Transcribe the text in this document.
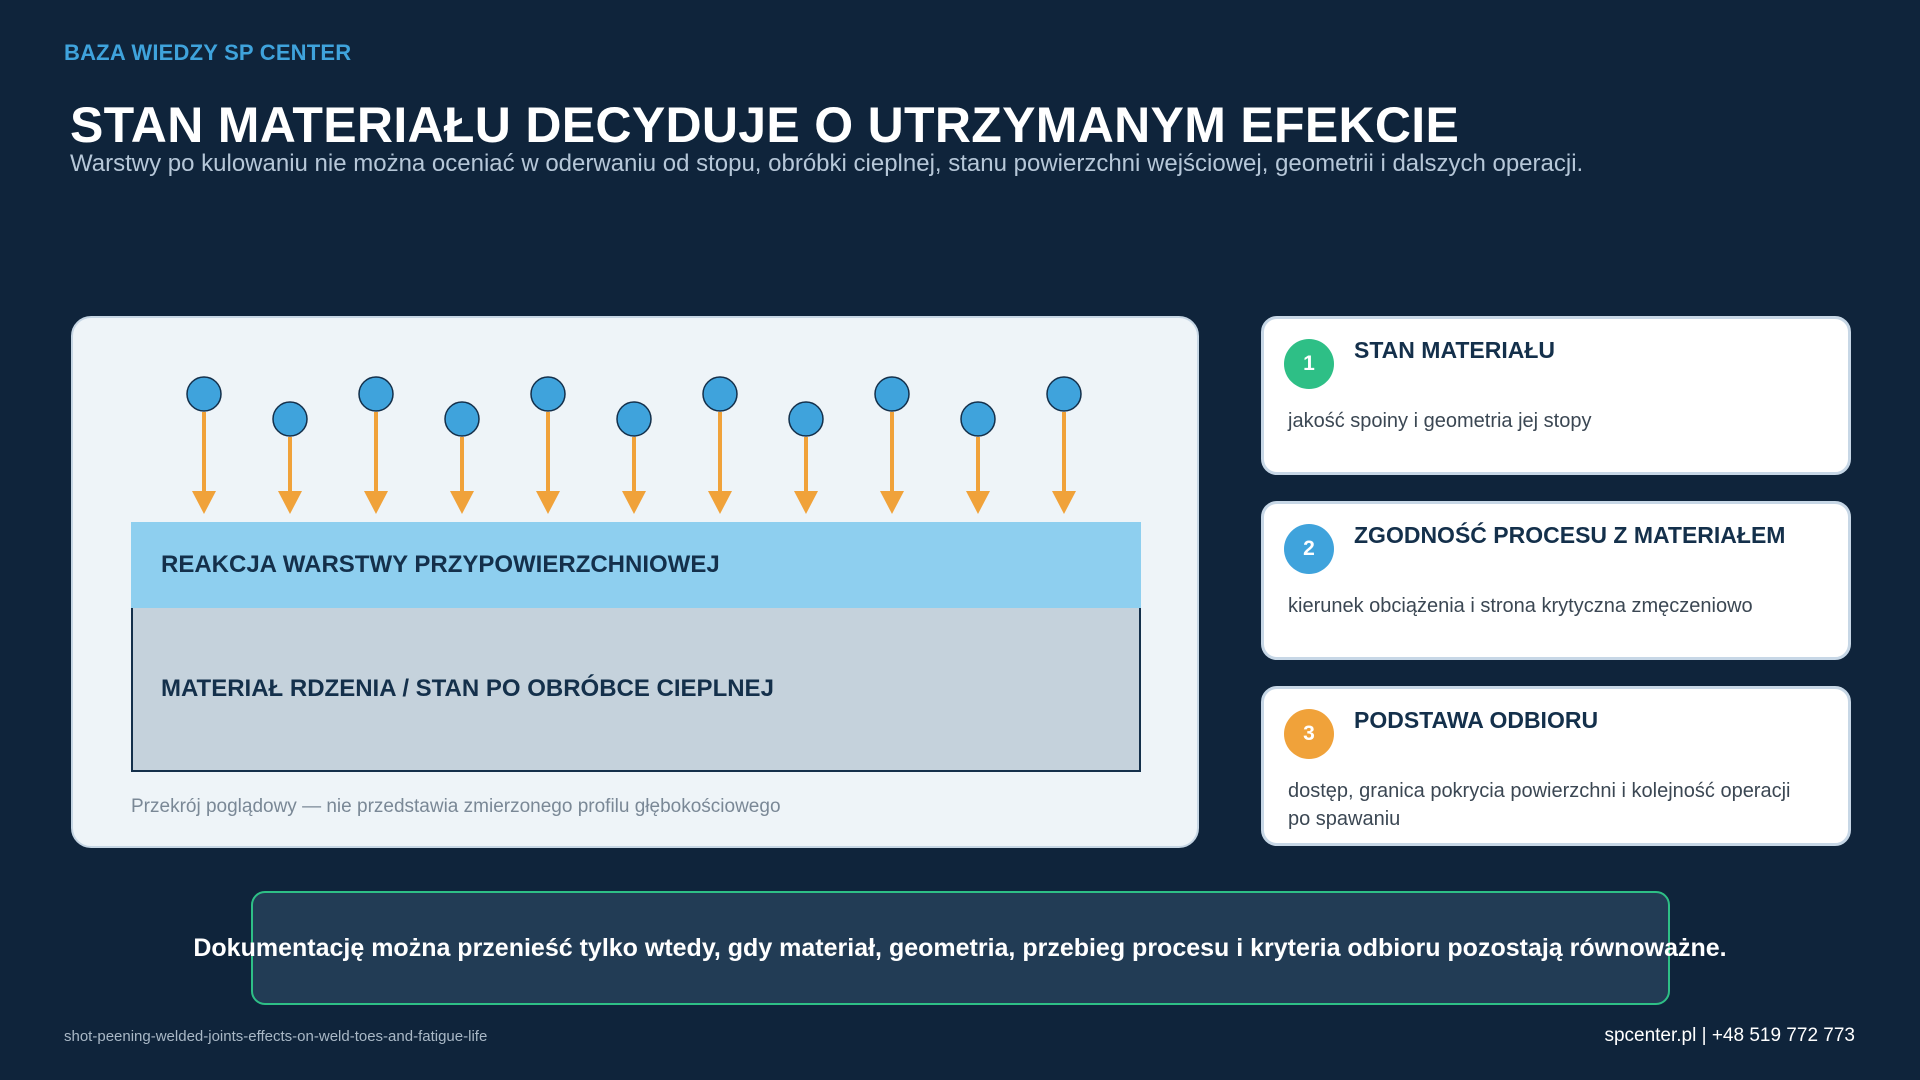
BAZA WIEDZY SP CENTER
STAN MATERIAŁU DECYDUJE O UTRZYMANYM EFEKCIE
Warstwy po kulowaniu nie można oceniać w oderwaniu od stopu, obróbki cieplnej, stanu powierzchni wejściowej, geometrii i dalszych operacji.
REAKCJA WARSTWY PRZYPOWIERZCHNIOWEJ
MATERIAŁ RDZENIA / STAN PO OBRÓBCE CIEPLNEJ
Przekrój poglądowy — nie przedstawia zmierzonego profilu głębokościowego
1
STAN MATERIAŁU
jakość spoiny i geometria jej stopy
2
ZGODNOŚĆ PROCESU Z MATERIAŁEM
kierunek obciążenia i strona krytyczna zmęczeniowo
3
PODSTAWA ODBIORU
dostęp, granica pokrycia powierzchni i kolejność operacji po spawaniu
Dokumentację można przenieść tylko wtedy, gdy materiał, geometria, przebieg procesu i kryteria odbioru pozostają równoważne.
shot-peening-welded-joints-effects-on-weld-toes-and-fatigue-life	spcenter.pl | +48 519 772 773
